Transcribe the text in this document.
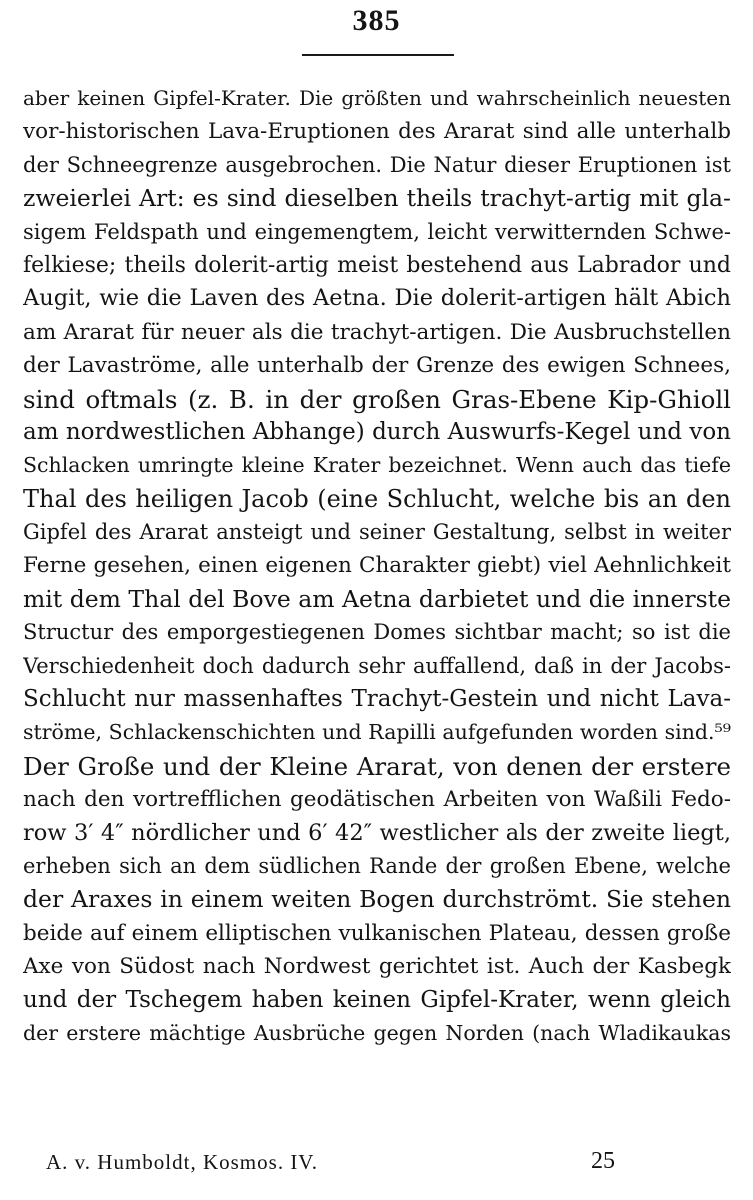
385
aber keinen Gipfel-Krater. Die größten und wahrscheinlich neuesten
vor-historischen Lava-Eruptionen des Ararat sind alle unterhalb
der Schneegrenze ausgebrochen. Die Natur dieser Eruptionen ist
zweierlei Art: es sind dieselben theils trachyt-artig mit gla-
sigem Feldspath und eingemengtem, leicht verwitternden Schwe-
felkiese; theils dolerit-artig meist bestehend aus Labrador und
Augit, wie die Laven des Aetna. Die dolerit-artigen hält Abich
am Ararat für neuer als die trachyt-artigen. Die Ausbruchstellen
der Lavaströme, alle unterhalb der Grenze des ewigen Schnees,
sind oftmals (z. B. in der großen Gras-Ebene Kip-Ghioll
am nordwestlichen Abhange) durch Auswurfs-Kegel und von
Schlacken umringte kleine Krater bezeichnet. Wenn auch das tiefe
Thal des heiligen Jacob (eine Schlucht, welche bis an den
Gipfel des Ararat ansteigt und seiner Gestaltung, selbst in weiter
Ferne gesehen, einen eigenen Charakter giebt) viel Aehnlichkeit
mit dem Thal del Bove am Aetna darbietet und die innerste
Structur des emporgestiegenen Domes sichtbar macht; so ist die
Verschiedenheit doch dadurch sehr auffallend, daß in der Jacobs-
Schlucht nur massenhaftes Trachyt-Gestein und nicht Lava-
ströme, Schlackenschichten und Rapilli aufgefunden worden sind.⁵⁹
Der Große und der Kleine Ararat, von denen der erstere
nach den vortrefflichen geodätischen Arbeiten von Waßili Fedo-
row 3′ 4″ nördlicher und 6′ 42″ westlicher als der zweite liegt,
erheben sich an dem südlichen Rande der großen Ebene, welche
der Araxes in einem weiten Bogen durchströmt. Sie stehen
beide auf einem elliptischen vulkanischen Plateau, dessen große
Axe von Südost nach Nordwest gerichtet ist. Auch der Kasbegk
und der Tschegem haben keinen Gipfel-Krater, wenn gleich
der erstere mächtige Ausbrüche gegen Norden (nach Wladikaukas
A. v. Humboldt, Kosmos. IV.	25
